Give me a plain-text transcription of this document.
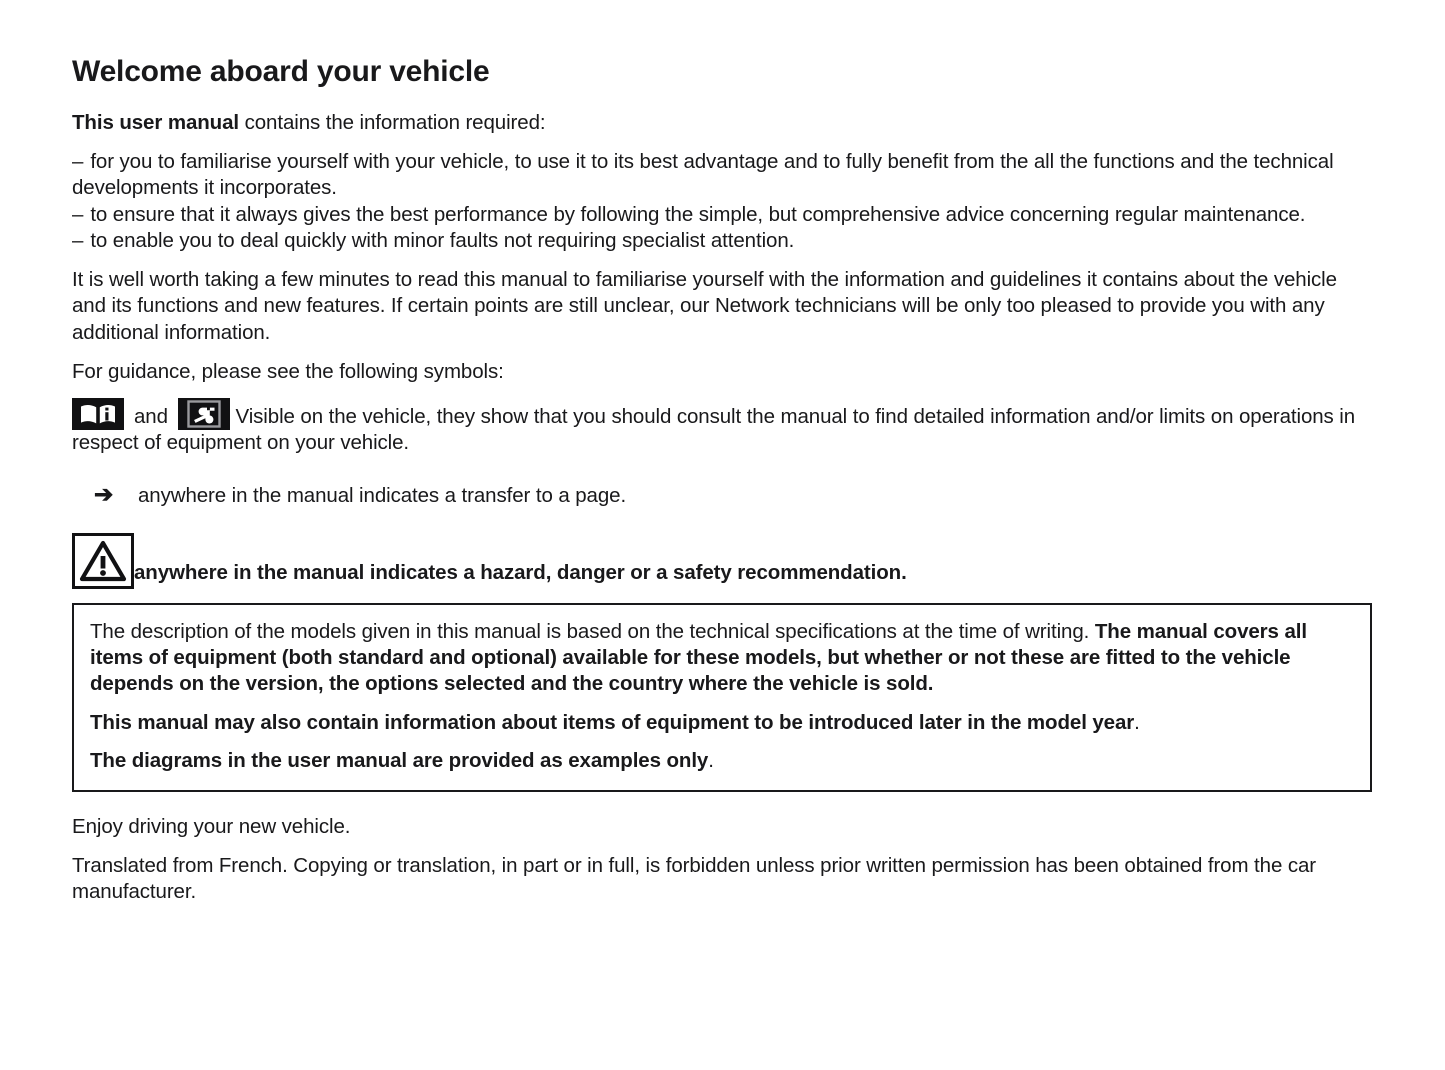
Welcome aboard your vehicle

This user manual contains the information required:

– for you to familiarise yourself with your vehicle, to use it to its best advantage and to fully benefit from the all the functions and the technical developments it incorporates.

– to ensure that it always gives the best performance by following the simple, but comprehensive advice concerning regular maintenance.

– to enable you to deal quickly with minor faults not requiring specialist attention.

It is well worth taking a few minutes to read this manual to familiarise yourself with the information and guidelines it contains about the vehicle and its functions and new features. If certain points are still unclear, our Network technicians will be only too pleased to provide you with any additional information.

For guidance, please see the following symbols:

and	Visible on the vehicle, they show that you should consult the manual to find detailed information and/or limits on operations in respect of equipment on your vehicle.

➔	anywhere in the manual indicates a transfer to a page.
anywhere in the manual indicates a hazard, danger or a safety recommendation.

The description of the models given in this manual is based on the technical specifications at the time of writing. The manual covers all items of equipment (both standard and optional) available for these models, but whether or not these are fitted to the vehicle depends on the version, the options selected and the country where the vehicle is sold.

This manual may also contain information about items of equipment to be introduced later in the model year.

The diagrams in the user manual are provided as examples only.

Enjoy driving your new vehicle.

Translated from French. Copying or translation, in part or in full, is forbidden unless prior written permission has been obtained from the car manufacturer.
